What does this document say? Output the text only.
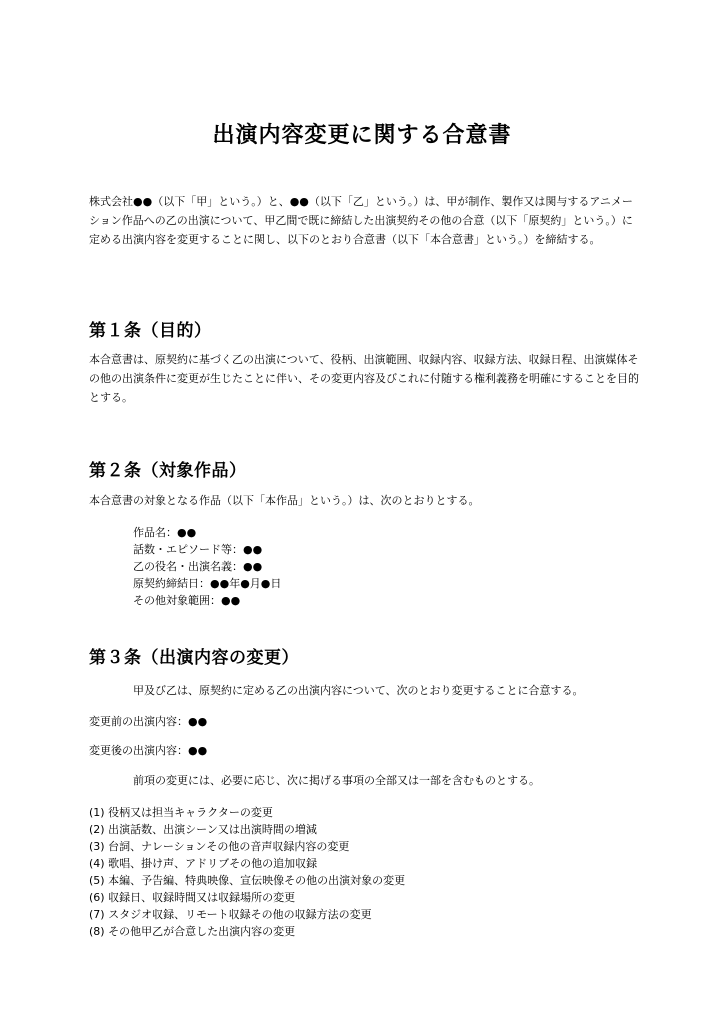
出演内容変更に関する合意書

株式会社●●（以下「甲」という。）と、●●（以下「乙」という。）は、甲が制作、製作又は関与するアニメーション作品への乙の出演について、甲乙間で既に締結した出演契約その他の合意（以下「原契約」という。）に定める出演内容を変更することに関し、以下のとおり合意書（以下「本合意書」という。）を締結する。

第１条（目的）

本合意書は、原契約に基づく乙の出演について、役柄、出演範囲、収録内容、収録方法、収録日程、出演媒体その他の出演条件に変更が生じたことに伴い、その変更内容及びこれに付随する権利義務を明確にすることを目的とする。

第２条（対象作品）

本合意書の対象となる作品（以下「本作品」という。）は、次のとおりとする。

作品名：●●
話数・エピソード等：●●
乙の役名・出演名義：●●
原契約締結日：●●年●月●日
その他対象範囲：●●
第３条（出演内容の変更）
甲及び乙は、原契約に定める乙の出演内容について、次のとおり変更することに合意する。
変更前の出演内容：●●
変更後の出演内容：●●
前項の変更には、必要に応じ、次に掲げる事項の全部又は一部を含むものとする。
(1) 役柄又は担当キャラクターの変更
(2) 出演話数、出演シーン又は出演時間の増減
(3) 台詞、ナレーションその他の音声収録内容の変更
(4) 歌唱、掛け声、アドリブその他の追加収録
(5) 本編、予告編、特典映像、宣伝映像その他の出演対象の変更
(6) 収録日、収録時間又は収録場所の変更
(7) スタジオ収録、リモート収録その他の収録方法の変更
(8) その他甲乙が合意した出演内容の変更
